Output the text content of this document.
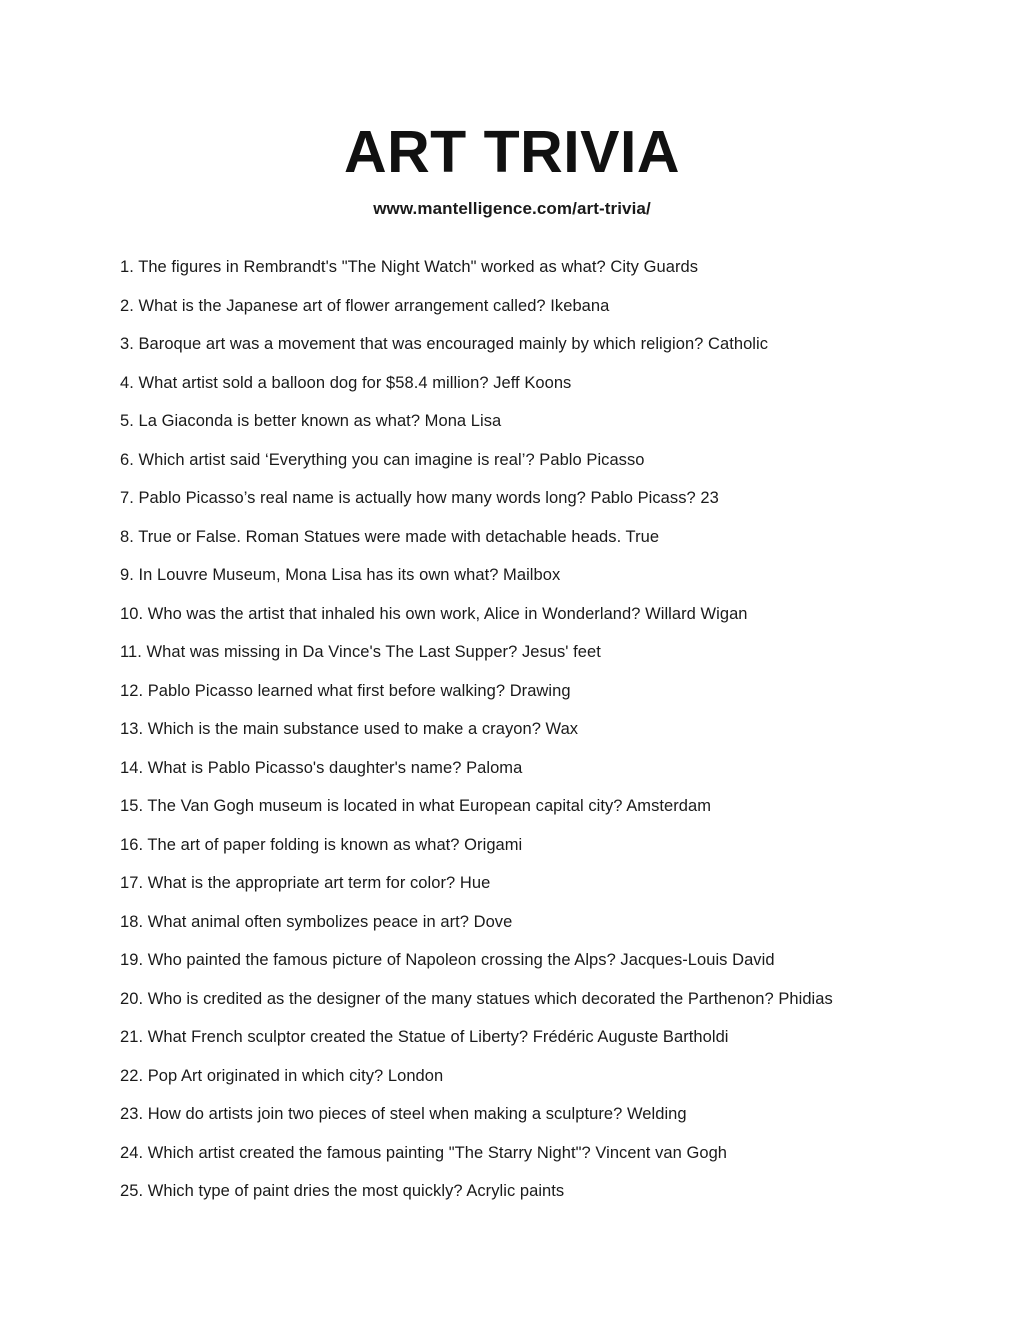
ART TRIVIA

www.mantelligence.com/art-trivia/

1. The figures in Rembrandt's "The Night Watch" worked as what? City Guards
2. What is the Japanese art of flower arrangement called? Ikebana
3. Baroque art was a movement that was encouraged mainly by which religion? Catholic
4. What artist sold a balloon dog for $58.4 million? Jeff Koons
5. La Giaconda is better known as what? Mona Lisa
6. Which artist said ‘Everything you can imagine is real’? Pablo Picasso
7. Pablo Picasso’s real name is actually how many words long? Pablo Picass? 23
8. True or False. Roman Statues were made with detachable heads. True
9. In Louvre Museum, Mona Lisa has its own what? Mailbox
10. Who was the artist that inhaled his own work, Alice in Wonderland? Willard Wigan
11. What was missing in Da Vince's The Last Supper? Jesus' feet
12. Pablo Picasso learned what first before walking? Drawing
13. Which is the main substance used to make a crayon? Wax
14. What is Pablo Picasso's daughter's name? Paloma
15. The Van Gogh museum is located in what European capital city? Amsterdam
16. The art of paper folding is known as what? Origami
17. What is the appropriate art term for color? Hue
18. What animal often symbolizes peace in art? Dove
19. Who painted the famous picture of Napoleon crossing the Alps? Jacques-Louis David
20. Who is credited as the designer of the many statues which decorated the Parthenon? Phidias
21. What French sculptor created the Statue of Liberty? Frédéric Auguste Bartholdi
22. Pop Art originated in which city? London
23. How do artists join two pieces of steel when making a sculpture? Welding
24. Which artist created the famous painting "The Starry Night"? Vincent van Gogh
25. Which type of paint dries the most quickly? Acrylic paints
